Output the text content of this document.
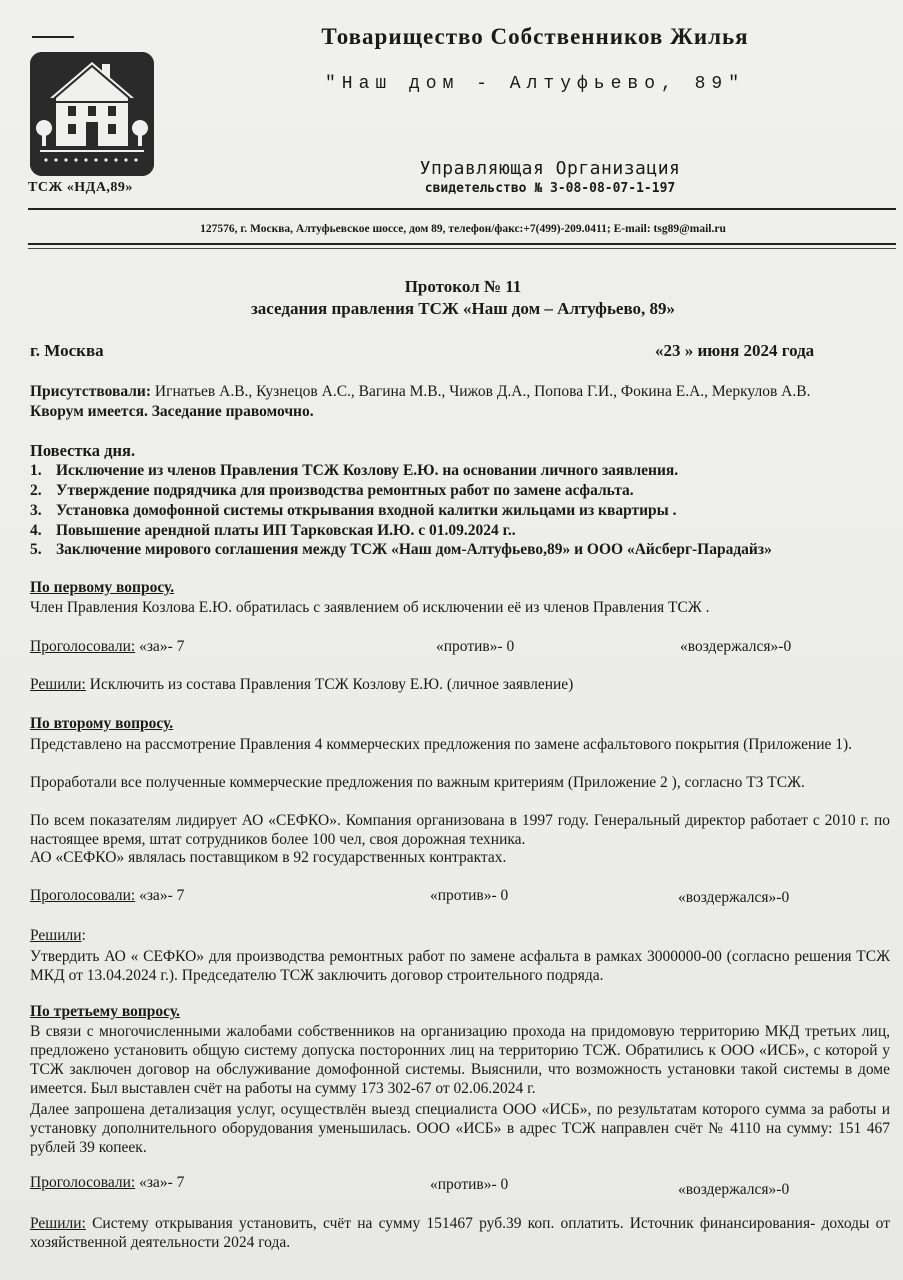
ТСЖ «НДА,89»
Товарищество Собственников Жилья
"Наш дом - Алтуфьево, 89"
Управляющая Организация
свидетельство № 3-08-08-07-1-197
127576, г. Москва, Алтуфьевское шоссе, дом 89, телефон/факс:+7(499)-209.0411; E-mail: tsg89@mail.ru
Протокол № 11
заседания правления ТСЖ «Наш дом – Алтуфьево, 89»
г. Москва	«23 » июня 2024 года
Присутствовали: Игнатьев А.В., Кузнецов А.С., Вагина М.В., Чижов Д.А., Попова Г.И., Фокина Е.А., Меркулов А.В.
Кворум имеется. Заседание правомочно.
Повестка дня.
1. Исключение из членов Правления ТСЖ Козлову Е.Ю. на основании личного заявления.
2. Утверждение подрядчика для производства ремонтных работ по замене асфальта.
3. Установка домофонной системы открывания входной калитки жильцами из квартиры .
4. Повышение арендной платы ИП Тарковская И.Ю. с 01.09.2024 г..
5. Заключение мирового соглашения между ТСЖ «Наш дом-Алтуфьево,89» и ООО «Айсберг-Парадайз»
По первому вопросу.
Член Правления Козлова Е.Ю. обратилась с заявлением об исключении её из членов Правления ТСЖ .
Проголосовали: «за»- 7	«против»- 0	«воздержался»-0
Решили: Исключить из состава Правления ТСЖ Козлову Е.Ю. (личное заявление)
По второму вопросу.
Представлено на рассмотрение Правления 4 коммерческих предложения по замене асфальтового покрытия (Приложение 1).
Проработали все полученные коммерческие предложения по важным критериям (Приложение 2 ), согласно ТЗ ТСЖ.
По всем показателям лидирует АО «СЕФКО». Компания организована в 1997 году. Генеральный директор работает с 2010 г. по настоящее время, штат сотрудников более 100 чел, своя дорожная техника.
АО «СЕФКО» являлась поставщиком в 92 государственных контрактах.
Проголосовали: «за»- 7	«против»- 0	«воздержался»-0
Решили:
Утвердить АО « СЕФКО» для производства ремонтных работ по замене асфальта в рамках 3000000-00 (согласно решения ТСЖ МКД от 13.04.2024 г.). Председателю ТСЖ заключить договор строительного подряда.
По третьему вопросу.
В связи с многочисленными жалобами собственников на организацию прохода на придомовую территорию МКД третьих лиц, предложено установить общую систему допуска посторонних лиц на территорию ТСЖ. Обратились к ООО «ИСБ», с которой у ТСЖ заключен договор на обслуживание домофонной системы. Выяснили, что возможность установки такой системы в доме имеется. Был выставлен счёт на работы на сумму 173 302-67 от 02.06.2024 г.
Далее запрошена детализация услуг, осуществлён выезд специалиста ООО «ИСБ», по результатам которого сумма за работы и установку дополнительного оборудования уменьшилась. ООО «ИСБ» в адрес ТСЖ направлен счёт № 4110 на сумму: 151 467 рублей 39 копеек.
Проголосовали: «за»- 7	«против»- 0	«воздержался»-0
Решили: Систему открывания установить, счёт на сумму 151467 руб.39 коп. оплатить. Источник финансирования- доходы от хозяйственной деятельности 2024 года.
